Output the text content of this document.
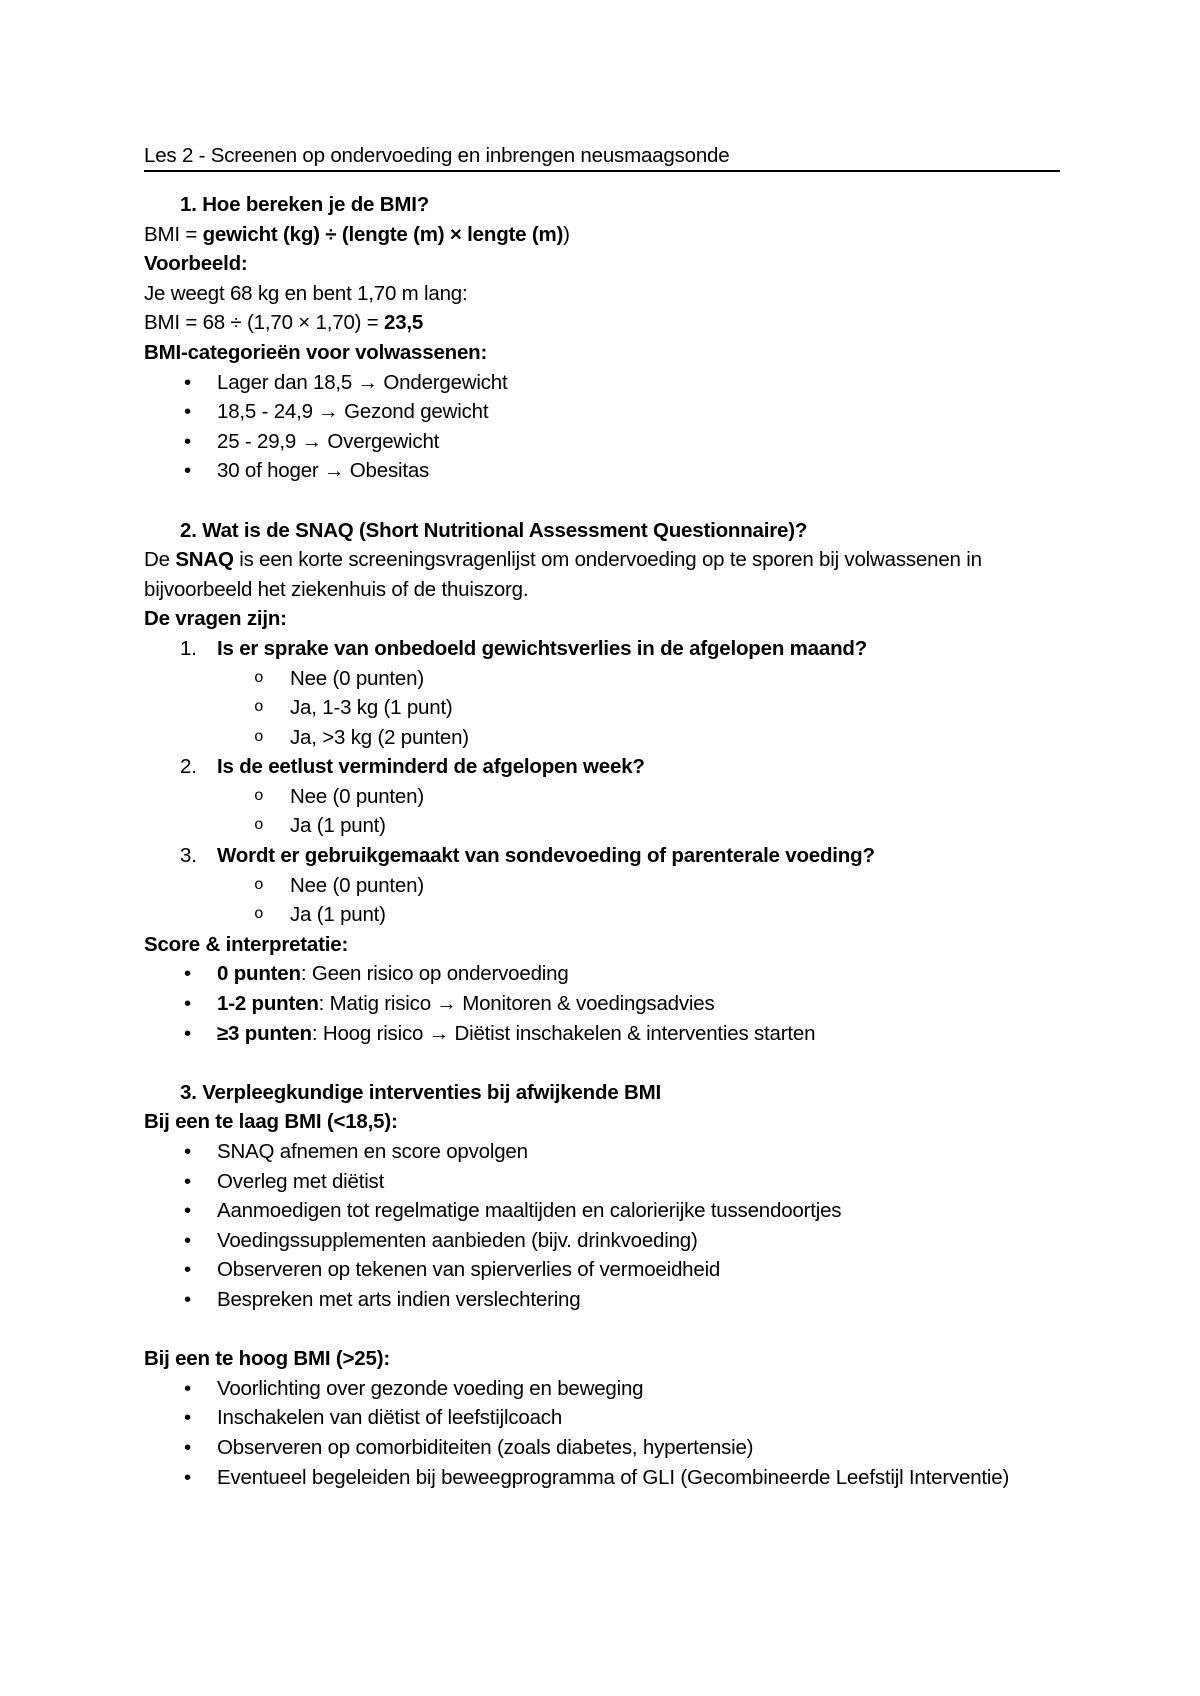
Les 2 - Screenen op ondervoeding en inbrengen neusmaagsonde
1. Hoe bereken je de BMI?
BMI = gewicht (kg) ÷ (lengte (m) × lengte (m))
Voorbeeld:
Je weegt 68 kg en bent 1,70 m lang:
BMI = 68 ÷ (1,70 × 1,70) = 23,5
BMI-categorieën voor volwassenen:
• Lager dan 18,5 → Ondergewicht
• 18,5 - 24,9 → Gezond gewicht
• 25 - 29,9 → Overgewicht
• 30 of hoger → Obesitas
2. Wat is de SNAQ (Short Nutritional Assessment Questionnaire)?
De SNAQ is een korte screeningsvragenlijst om ondervoeding op te sporen bij volwassenen in bijvoorbeeld het ziekenhuis of de thuiszorg.
De vragen zijn:
1. Is er sprake van onbedoeld gewichtsverlies in de afgelopen maand?
o Nee (0 punten)
o Ja, 1-3 kg (1 punt)
o Ja, >3 kg (2 punten)
2. Is de eetlust verminderd de afgelopen week?
o Nee (0 punten)
o Ja (1 punt)
3. Wordt er gebruikgemaakt van sondevoeding of parenterale voeding?
o Nee (0 punten)
o Ja (1 punt)
Score & interpretatie:
• 0 punten: Geen risico op ondervoeding
• 1-2 punten: Matig risico → Monitoren & voedingsadvies
• ≥3 punten: Hoog risico → Diëtist inschakelen & interventies starten
3. Verpleegkundige interventies bij afwijkende BMI
Bij een te laag BMI (<18,5):
• SNAQ afnemen en score opvolgen
• Overleg met diëtist
• Aanmoedigen tot regelmatige maaltijden en calorierijke tussendoortjes
• Voedingssupplementen aanbieden (bijv. drinkvoeding)
• Observeren op tekenen van spierverlies of vermoeidheid
• Bespreken met arts indien verslechtering
Bij een te hoog BMI (>25):
• Voorlichting over gezonde voeding en beweging
• Inschakelen van diëtist of leefstijlcoach
• Observeren op comorbiditeiten (zoals diabetes, hypertensie)
• Eventueel begeleiden bij beweegprogramma of GLI (Gecombineerde Leefstijl Interventie)
